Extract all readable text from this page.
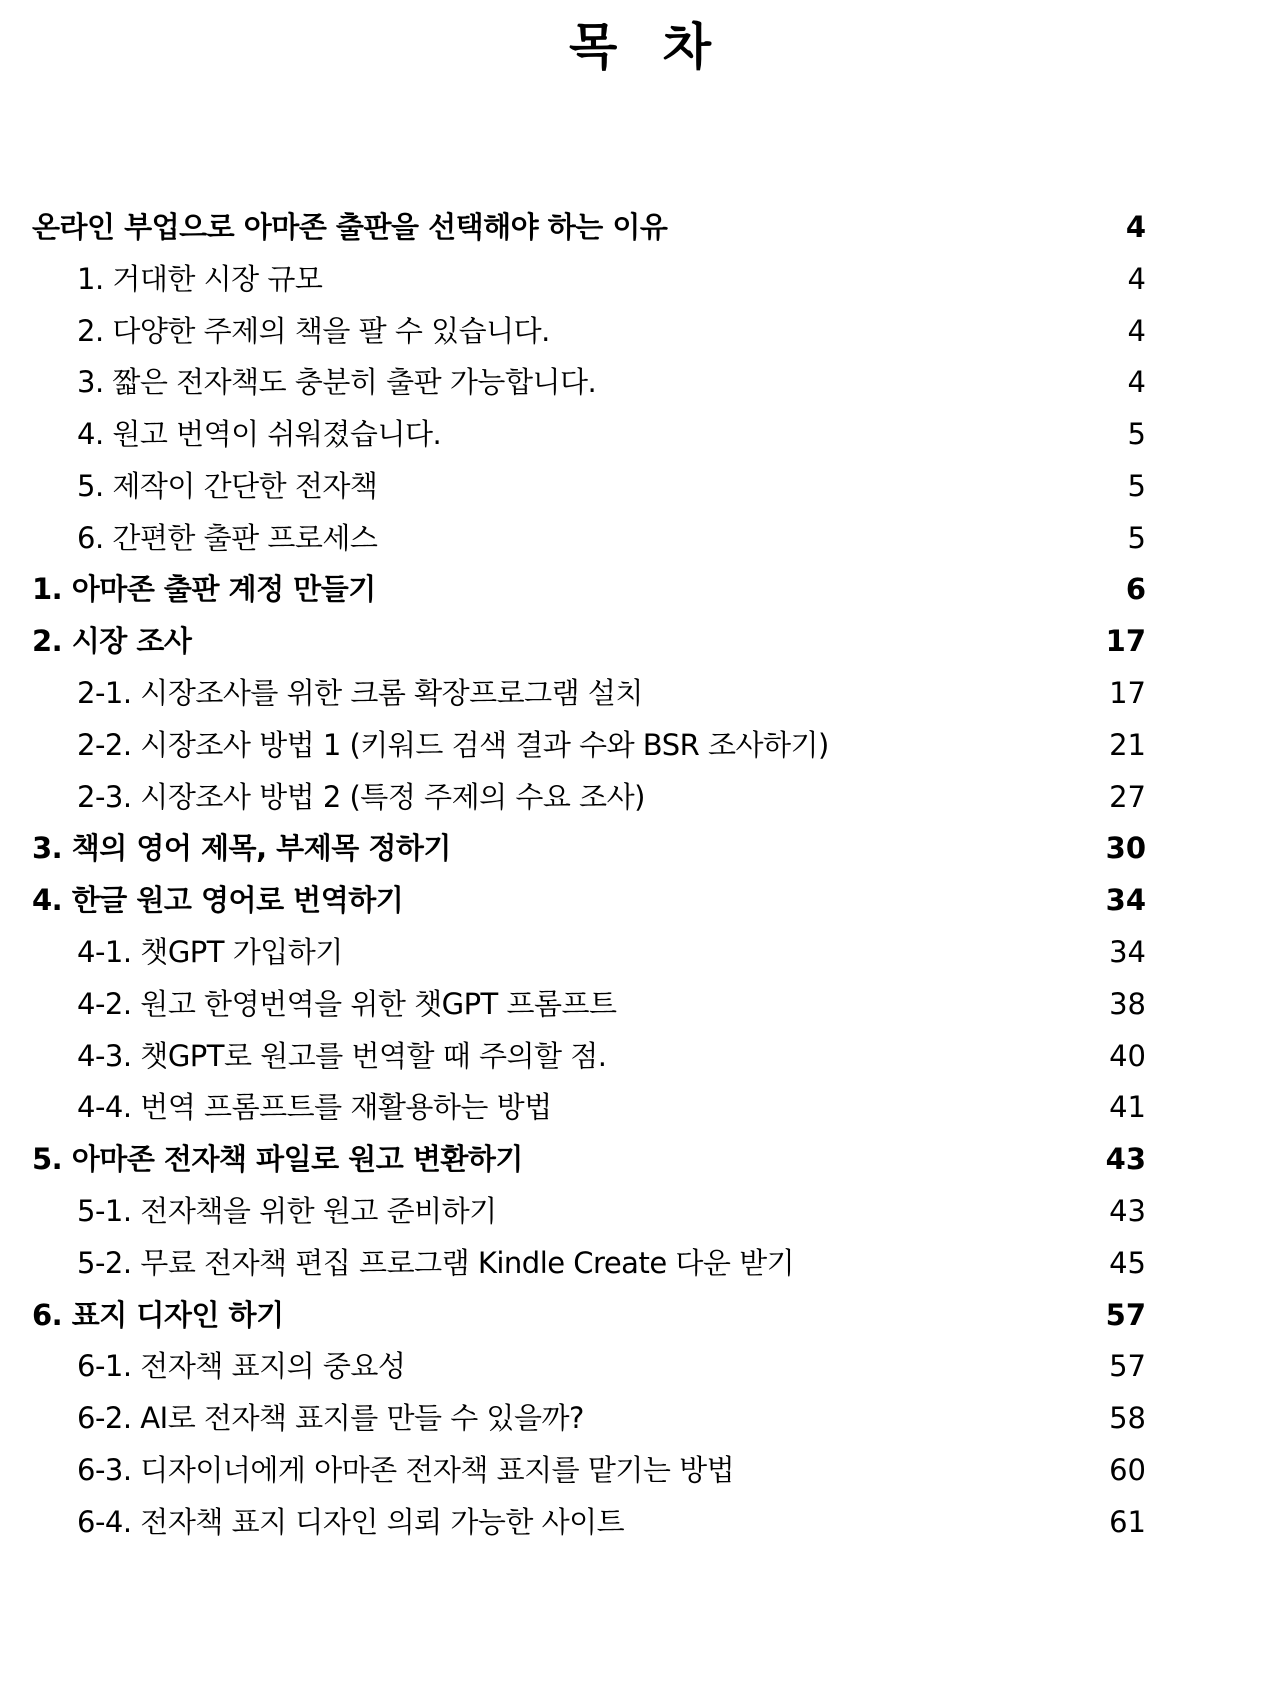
목 차
온라인 부업으로 아마존 출판을 선택해야 하는 이유	4
1. 거대한 시장 규모	4
2. 다양한 주제의 책을 팔 수 있습니다.	4
3. 짧은 전자책도 충분히 출판 가능합니다.	4
4. 원고 번역이 쉬워졌습니다.	5
5. 제작이 간단한 전자책	5
6. 간편한 출판 프로세스	5
1. 아마존 출판 계정 만들기	6
2. 시장 조사	17
2-1. 시장조사를 위한 크롬 확장프로그램 설치	17
2-2. 시장조사 방법 1 (키워드 검색 결과 수와 BSR 조사하기)	21
2-3. 시장조사 방법 2 (특정 주제의 수요 조사)	27
3. 책의 영어 제목, 부제목 정하기	30
4. 한글 원고 영어로 번역하기	34
4-1. 챗GPT 가입하기	34
4-2. 원고 한영번역을 위한 챗GPT 프롬프트	38
4-3. 챗GPT로 원고를 번역할 때 주의할 점.	40
4-4. 번역 프롬프트를 재활용하는 방법	41
5. 아마존 전자책 파일로 원고 변환하기	43
5-1. 전자책을 위한 원고 준비하기	43
5-2. 무료 전자책 편집 프로그램 Kindle Create 다운 받기	45
6. 표지 디자인 하기	57
6-1. 전자책 표지의 중요성	57
6-2. AI로 전자책 표지를 만들 수 있을까?	58
6-3. 디자이너에게 아마존 전자책 표지를 맡기는 방법	60
6-4. 전자책 표지 디자인 의뢰 가능한 사이트	61
